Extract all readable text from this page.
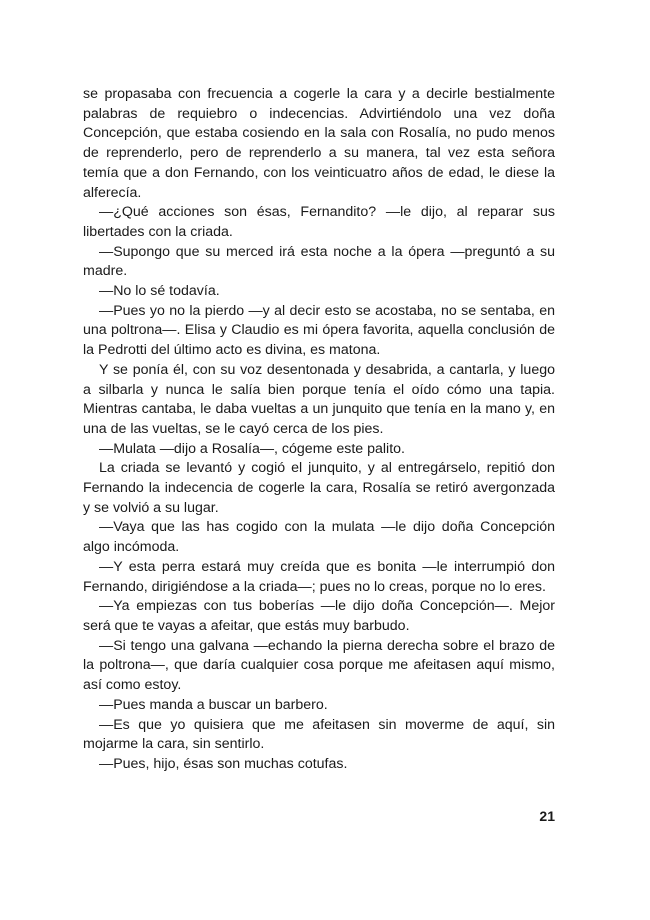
se propasaba con frecuencia a cogerle la cara y a decirle bestialmente palabras de requiebro o indecencias. Advirtiéndolo una vez doña Concepción, que estaba cosiendo en la sala con Rosalía, no pudo menos de reprenderlo, pero de reprenderlo a su manera, tal vez esta señora temía que a don Fernando, con los veinticuatro años de edad, le diese la alferecía.

—¿Qué acciones son ésas, Fernandito? —le dijo, al reparar sus libertades con la criada.

—Supongo que su merced irá esta noche a la ópera —preguntó a su madre.

—No lo sé todavía.

—Pues yo no la pierdo —y al decir esto se acostaba, no se sentaba, en una poltrona—. Elisa y Claudio es mi ópera favorita, aquella conclusión de la Pedrotti del último acto es divina, es matona.

Y se ponía él, con su voz desentonada y desabrida, a cantarla, y luego a silbarla y nunca le salía bien porque tenía el oído cómo una tapia. Mientras cantaba, le daba vueltas a un junquito que tenía en la mano y, en una de las vueltas, se le cayó cerca de los pies.

—Mulata —dijo a Rosalía—, cógeme este palito.

La criada se levantó y cogió el junquito, y al entregárselo, repitió don Fernando la indecencia de cogerle la cara, Rosalía se retiró avergonzada y se volvió a su lugar.

—Vaya que las has cogido con la mulata —le dijo doña Concepción algo incómoda.

—Y esta perra estará muy creída que es bonita —le interrumpió don Fernando, dirigiéndose a la criada—; pues no lo creas, porque no lo eres.

—Ya empiezas con tus boberías —le dijo doña Concepción—. Mejor será que te vayas a afeitar, que estás muy barbudo.

—Si tengo una galvana —echando la pierna derecha sobre el brazo de la poltrona—, que daría cualquier cosa porque me afeitasen aquí mismo, así como estoy.

—Pues manda a buscar un barbero.

—Es que yo quisiera que me afeitasen sin moverme de aquí, sin mojarme la cara, sin sentirlo.

—Pues, hijo, ésas son muchas cotufas.

21
